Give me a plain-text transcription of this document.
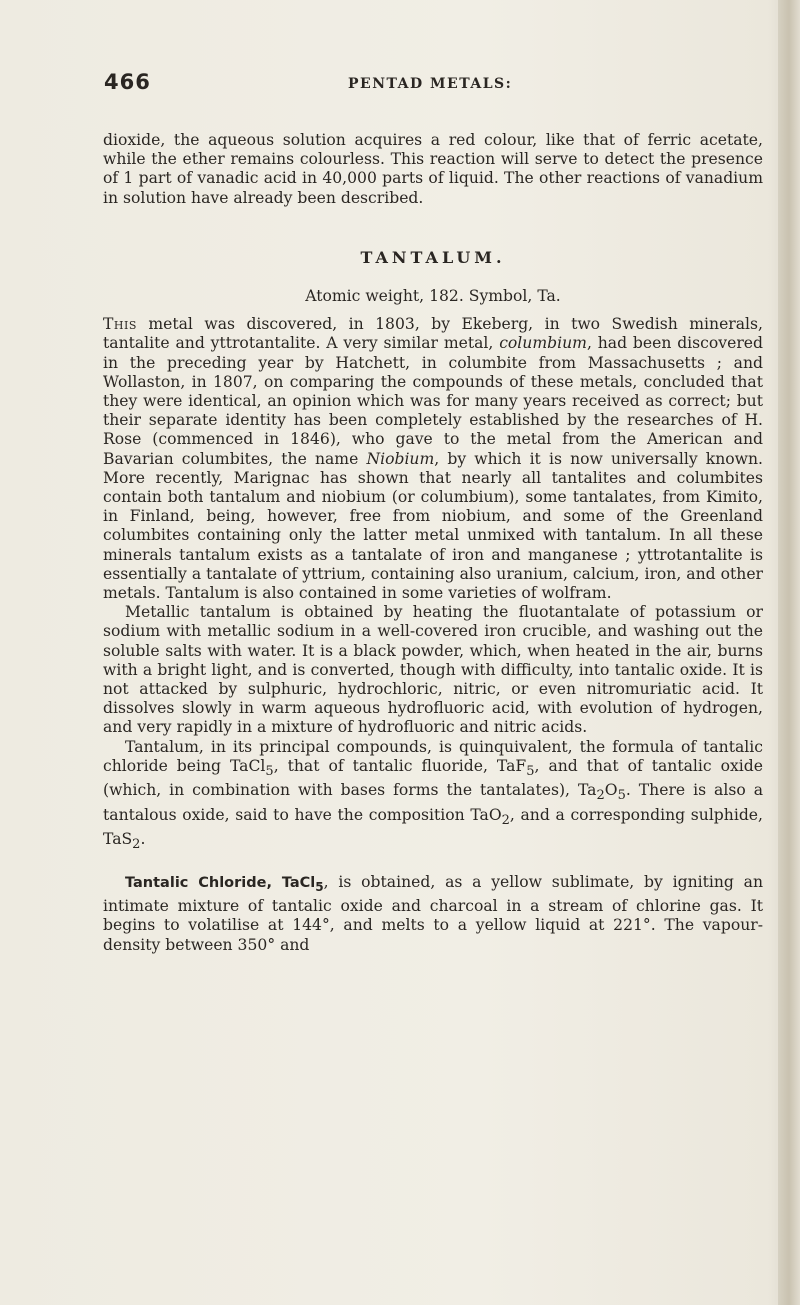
466	PENTAD METALS:

dioxide, the aqueous solution acquires a red colour, like that of ferric acetate, while the ether remains colourless. This reaction will serve to detect the presence of 1 part of vanadic acid in 40,000 parts of liquid. The other reactions of vanadium in solution have already been described.

TANTALUM.
Atomic weight, 182. Symbol, Ta.

This metal was discovered, in 1803, by Ekeberg, in two Swedish minerals, tantalite and yttrotantalite. A very similar metal, columbium, had been discovered in the preceding year by Hatchett, in columbite from Massachusetts ; and Wollaston, in 1807, on comparing the compounds of these metals, concluded that they were identical, an opinion which was for many years received as correct; but their separate identity has been completely established by the researches of H. Rose (commenced in 1846), who gave to the metal from the American and Bavarian columbites, the name Niobium, by which it is now universally known. More recently, Marignac has shown that nearly all tantalites and columbites contain both tantalum and niobium (or columbium), some tantalates, from Kimito, in Finland, being, however, free from niobium, and some of the Greenland columbites containing only the latter metal unmixed with tantalum. In all these minerals tantalum exists as a tantalate of iron and manganese ; yttrotantalite is essentially a tantalate of yttrium, containing also uranium, calcium, iron, and other metals. Tantalum is also contained in some varieties of wolfram.

Metallic tantalum is obtained by heating the fluotantalate of potassium or sodium with metallic sodium in a well-covered iron crucible, and washing out the soluble salts with water. It is a black powder, which, when heated in the air, burns with a bright light, and is converted, though with difficulty, into tantalic oxide. It is not attacked by sulphuric, hydrochloric, nitric, or even nitromuriatic acid. It dissolves slowly in warm aqueous hydrofluoric acid, with evolution of hydrogen, and very rapidly in a mixture of hydrofluoric and nitric acids.

Tantalum, in its principal compounds, is quinquivalent, the formula of tantalic chloride being TaCl$_5$, that of tantalic fluoride, TaF$_5$, and that of tantalic oxide (which, in combination with bases forms the tantalates), $Ta_2O_5$. There is also a tantalous oxide, said to have the composition TaO$_2$, and a corresponding sulphide, TaS$_2$.

Tantalic Chloride, TaCl$_5$, is obtained, as a yellow sublimate, by igniting an intimate mixture of tantalic oxide and charcoal in a stream of chlorine gas. It begins to volatilise at 144°, and melts to a yellow liquid at 221°. The vapour-density between 350° and
